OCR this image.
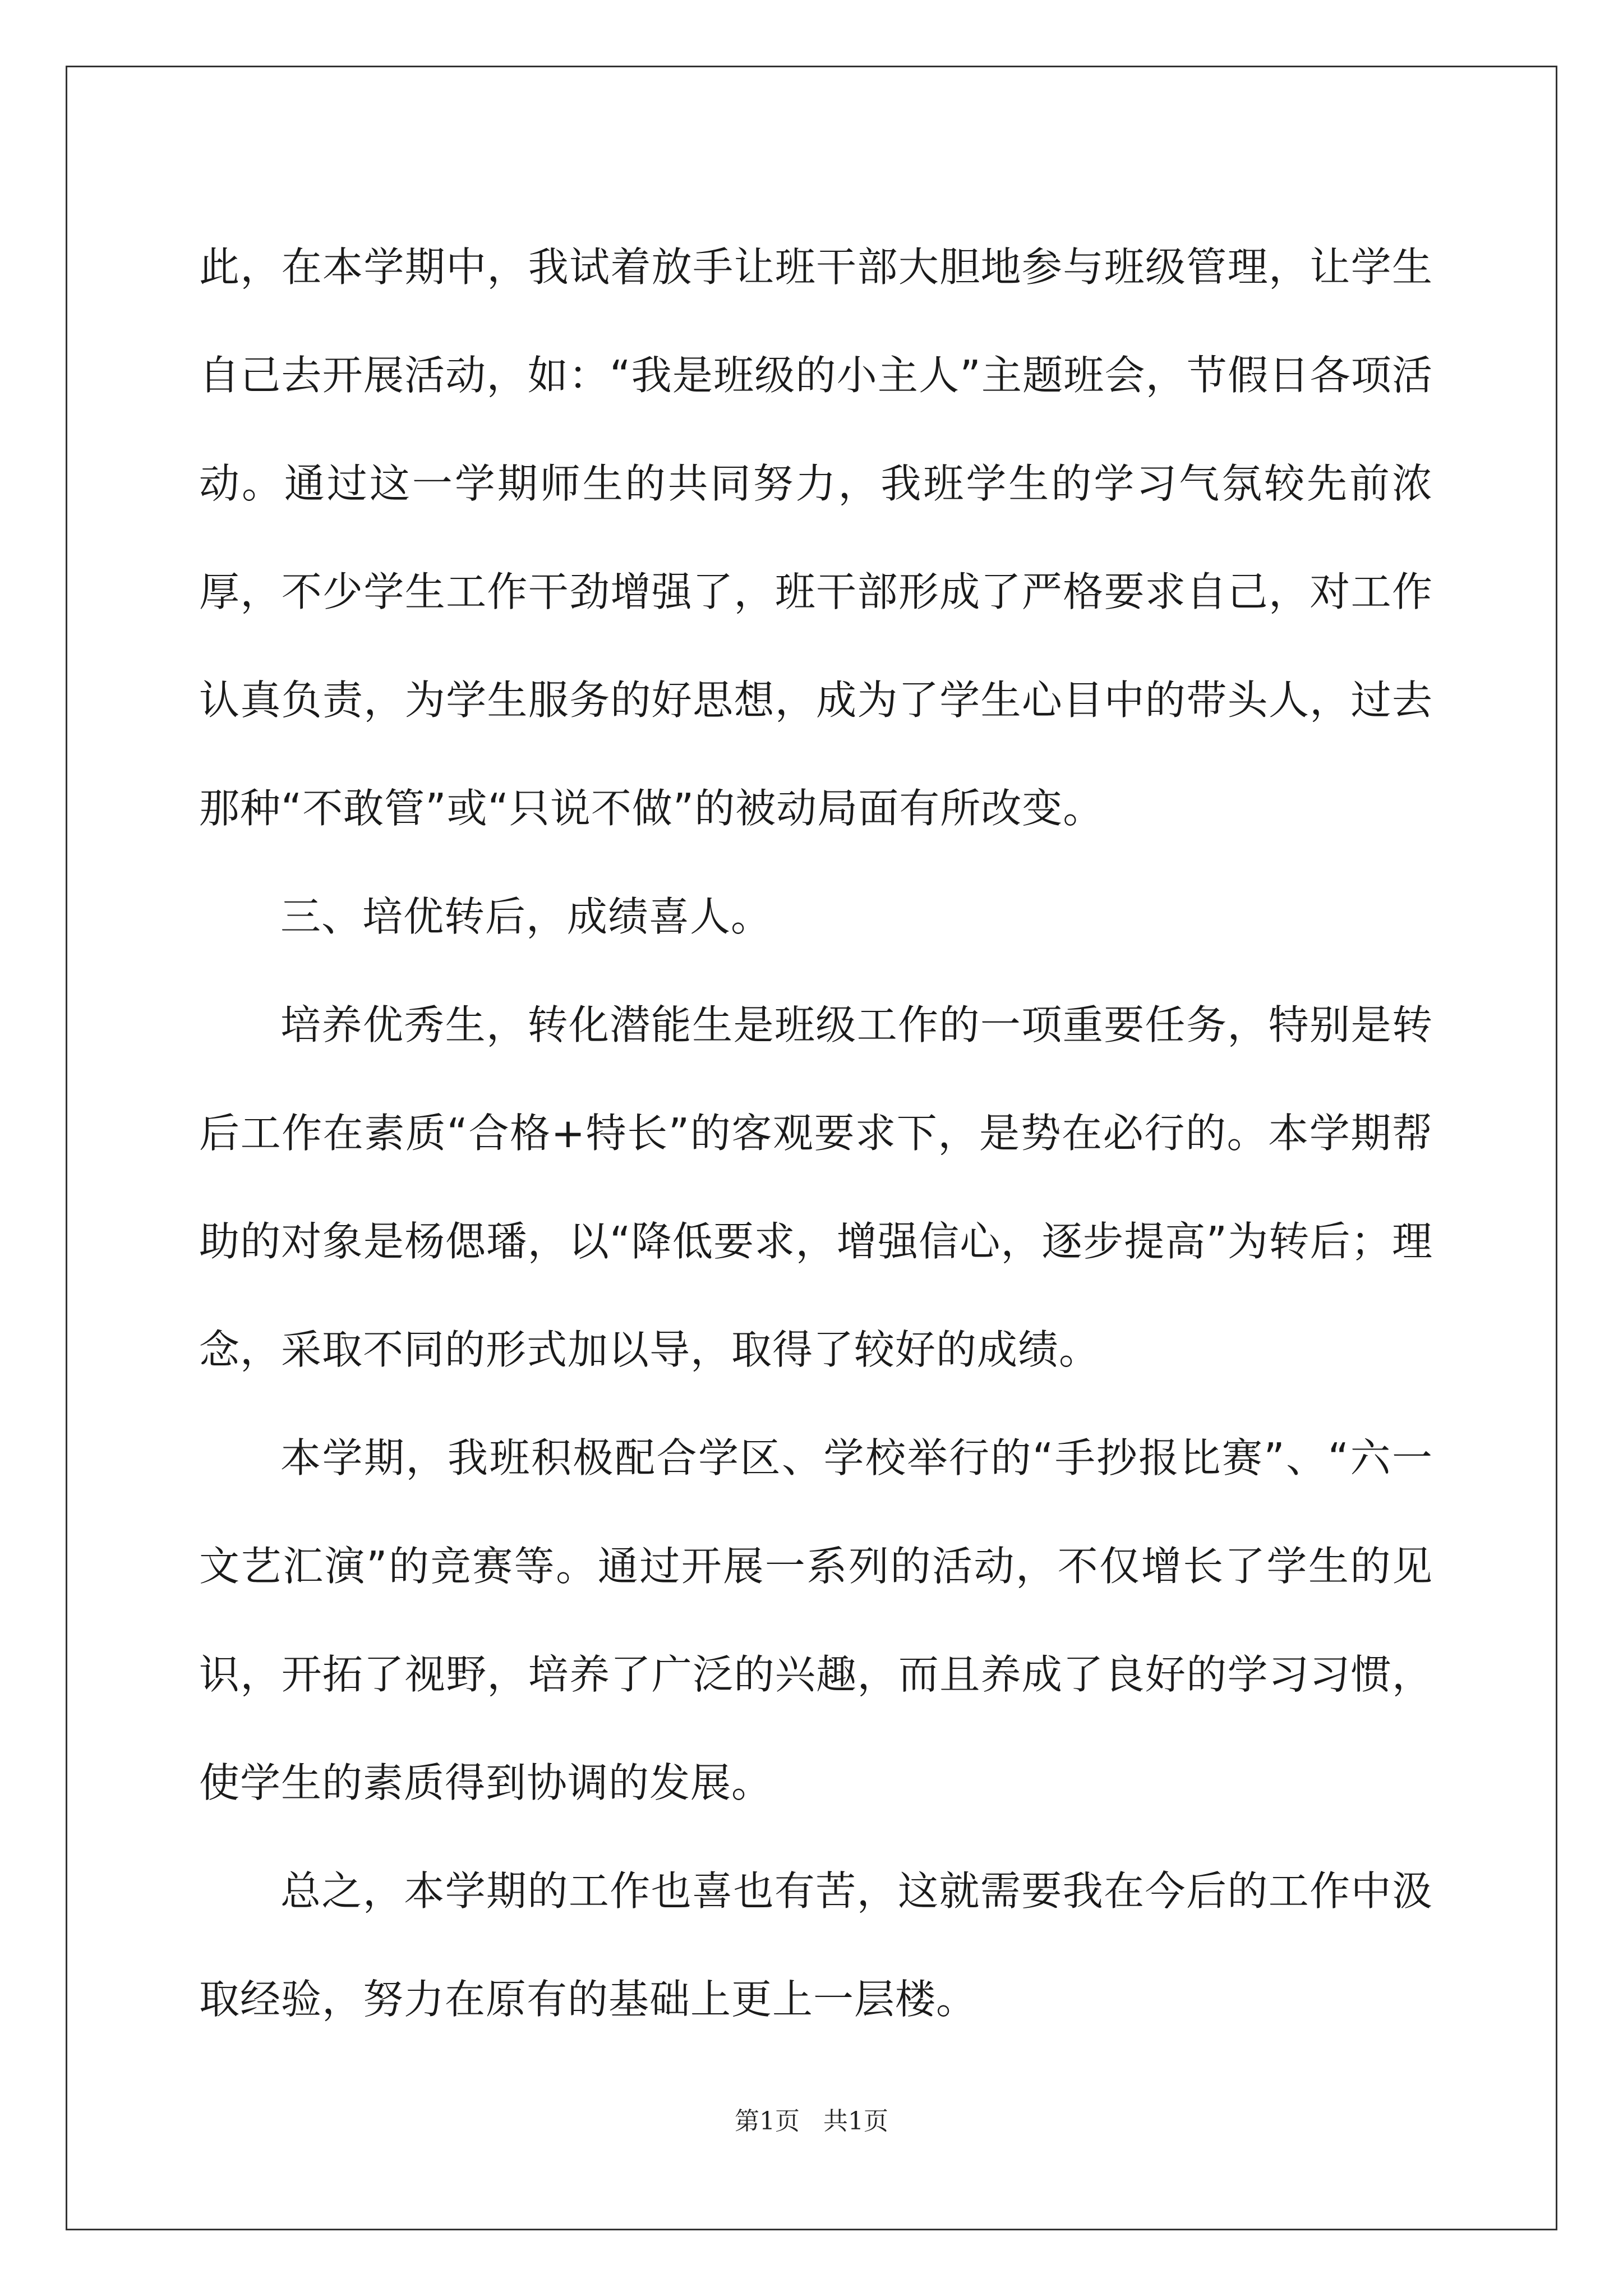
此，在本学期中，我试着放手让班干部大胆地参与班级管理，让学生自己去开展活动，如：“我是班级的小主人”主题班会，节假日各项活动。通过这一学期师生的共同努力，我班学生的学习气氛较先前浓厚，不少学生工作干劲增强了，班干部形成了严格要求自己，对工作认真负责，为学生服务的好思想，成为了学生心目中的带头人，过去那种“不敢管”或“只说不做”的被动局面有所改变。

三、培优转后，成绩喜人。

培养优秀生，转化潜能生是班级工作的一项重要任务，特别是转后工作在素质“合格+特长”的客观要求下，是势在必行的。本学期帮助的对象是杨偲璠，以“降低要求，增强信心，逐步提高”为转后；理念，采取不同的形式加以导，取得了较好的成绩。

本学期，我班积极配合学区、学校举行的“手抄报比赛”、“六一文艺汇演”的竞赛等。通过开展一系列的活动，不仅增长了学生的见识，开拓了视野，培养了广泛的兴趣，而且养成了良好的学习习惯，使学生的素质得到协调的发展。

总之，本学期的工作也喜也有苦，这就需要我在今后的工作中汲取经验，努力在原有的基础上更上一层楼。

第1页   共1页
